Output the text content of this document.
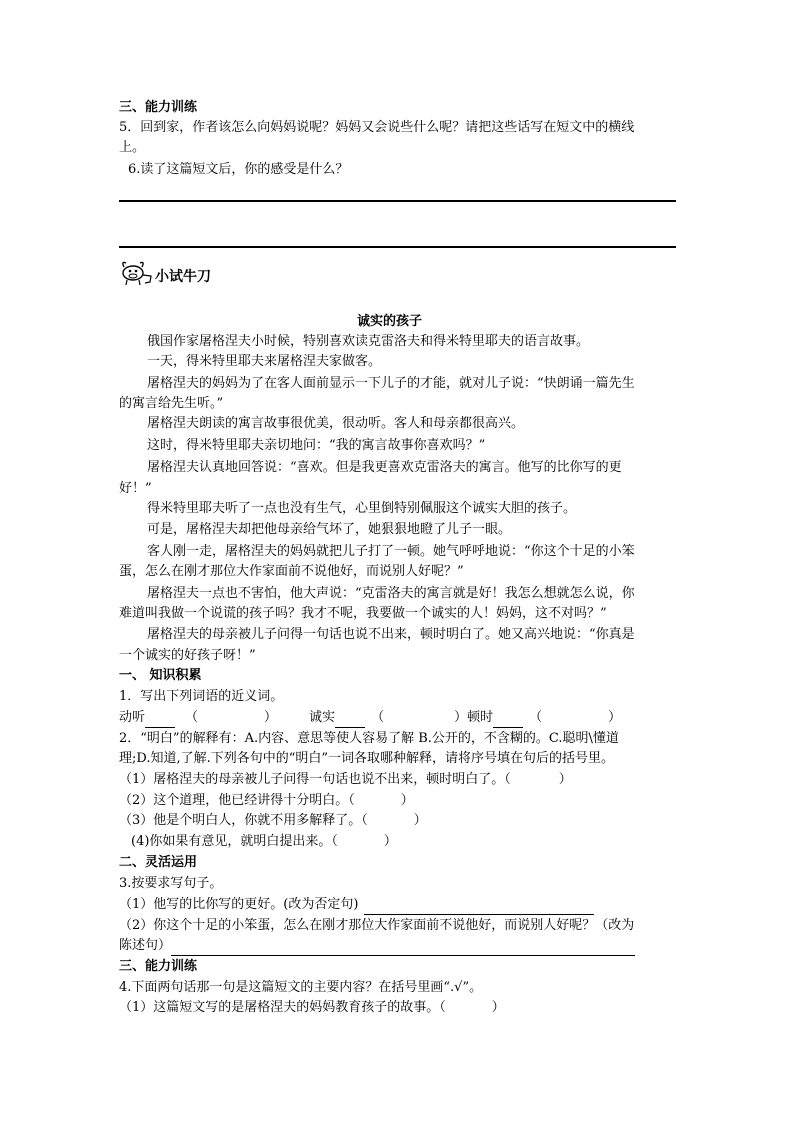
三、能力训练
5．回到家，作者该怎么向妈妈说呢？妈妈又会说些什么呢？请把这些话写在短文中的横线
上。
6.读了这篇短文后，你的感受是什么？
小试牛刀
诚实的孩子
俄国作家屠格涅夫小时候，特别喜欢读克雷洛夫和得米特里耶夫的语言故事。
一天，得米特里耶夫来屠格涅夫家做客。
屠格涅夫的妈妈为了在客人面前显示一下儿子的才能，就对儿子说：“快朗诵一篇先生
的寓言给先生听。”
屠格涅夫朗读的寓言故事很优美，很动听。客人和母亲都很高兴。
这时，得米特里耶夫亲切地问：“我的寓言故事你喜欢吗？”
屠格涅夫认真地回答说：“喜欢。但是我更喜欢克雷洛夫的寓言。他写的比你写的更
好！”
得米特里耶夫听了一点也没有生气，心里倒特别佩服这个诚实大胆的孩子。
可是，屠格涅夫却把他母亲给气坏了，她狠狠地瞪了儿子一眼。
客人刚一走，屠格涅夫的妈妈就把儿子打了一顿。她气呼呼地说：“你这个十足的小笨
蛋，怎么在刚才那位大作家面前不说他好，而说别人好呢？”
屠格涅夫一点也不害怕，他大声说：“克雷洛夫的寓言就是好！我怎么想就怎么说，你
难道叫我做一个说谎的孩子吗？我才不呢，我要做一个诚实的人！妈妈，这不对吗？”
屠格涅夫的母亲被儿子问得一句话也说不出来，顿时明白了。她又高兴地说：“你真是
一个诚实的好孩子呀！”
一、 知识积累
1．写出下列词语的近义词。
动听	（	） 诚实	（	）顿时	（	）
2．“明白”的解释有：A.内容、意思等使人容易了解 B.公开的，不含糊的。C.聪明\懂道
理;D.知道,了解.下列各句中的“明白”一词各取哪种解释，请将序号填在句后的括号里。
（1）屠格涅夫的母亲被儿子问得一句话也说不出来，顿时明白了。（	）
（2）这个道理，他已经讲得十分明白。（	）
（3）他是个明白人，你就不用多解释了。（	）
(4)你如果有意见，就明白提出来。（	）
二、灵活运用
3.按要求写句子。
（1）他写的比你写的更好。(改为否定句)
（2）你这个十足的小笨蛋，怎么在刚才那位大作家面前不说他好，而说别人好呢？（改为
陈述句）
三、能力训练
4.下面两句话那一句是这篇短文的主要内容？在括号里画“.√”。
（1）这篇短文写的是屠格涅夫的妈妈教育孩子的故事。（	）
